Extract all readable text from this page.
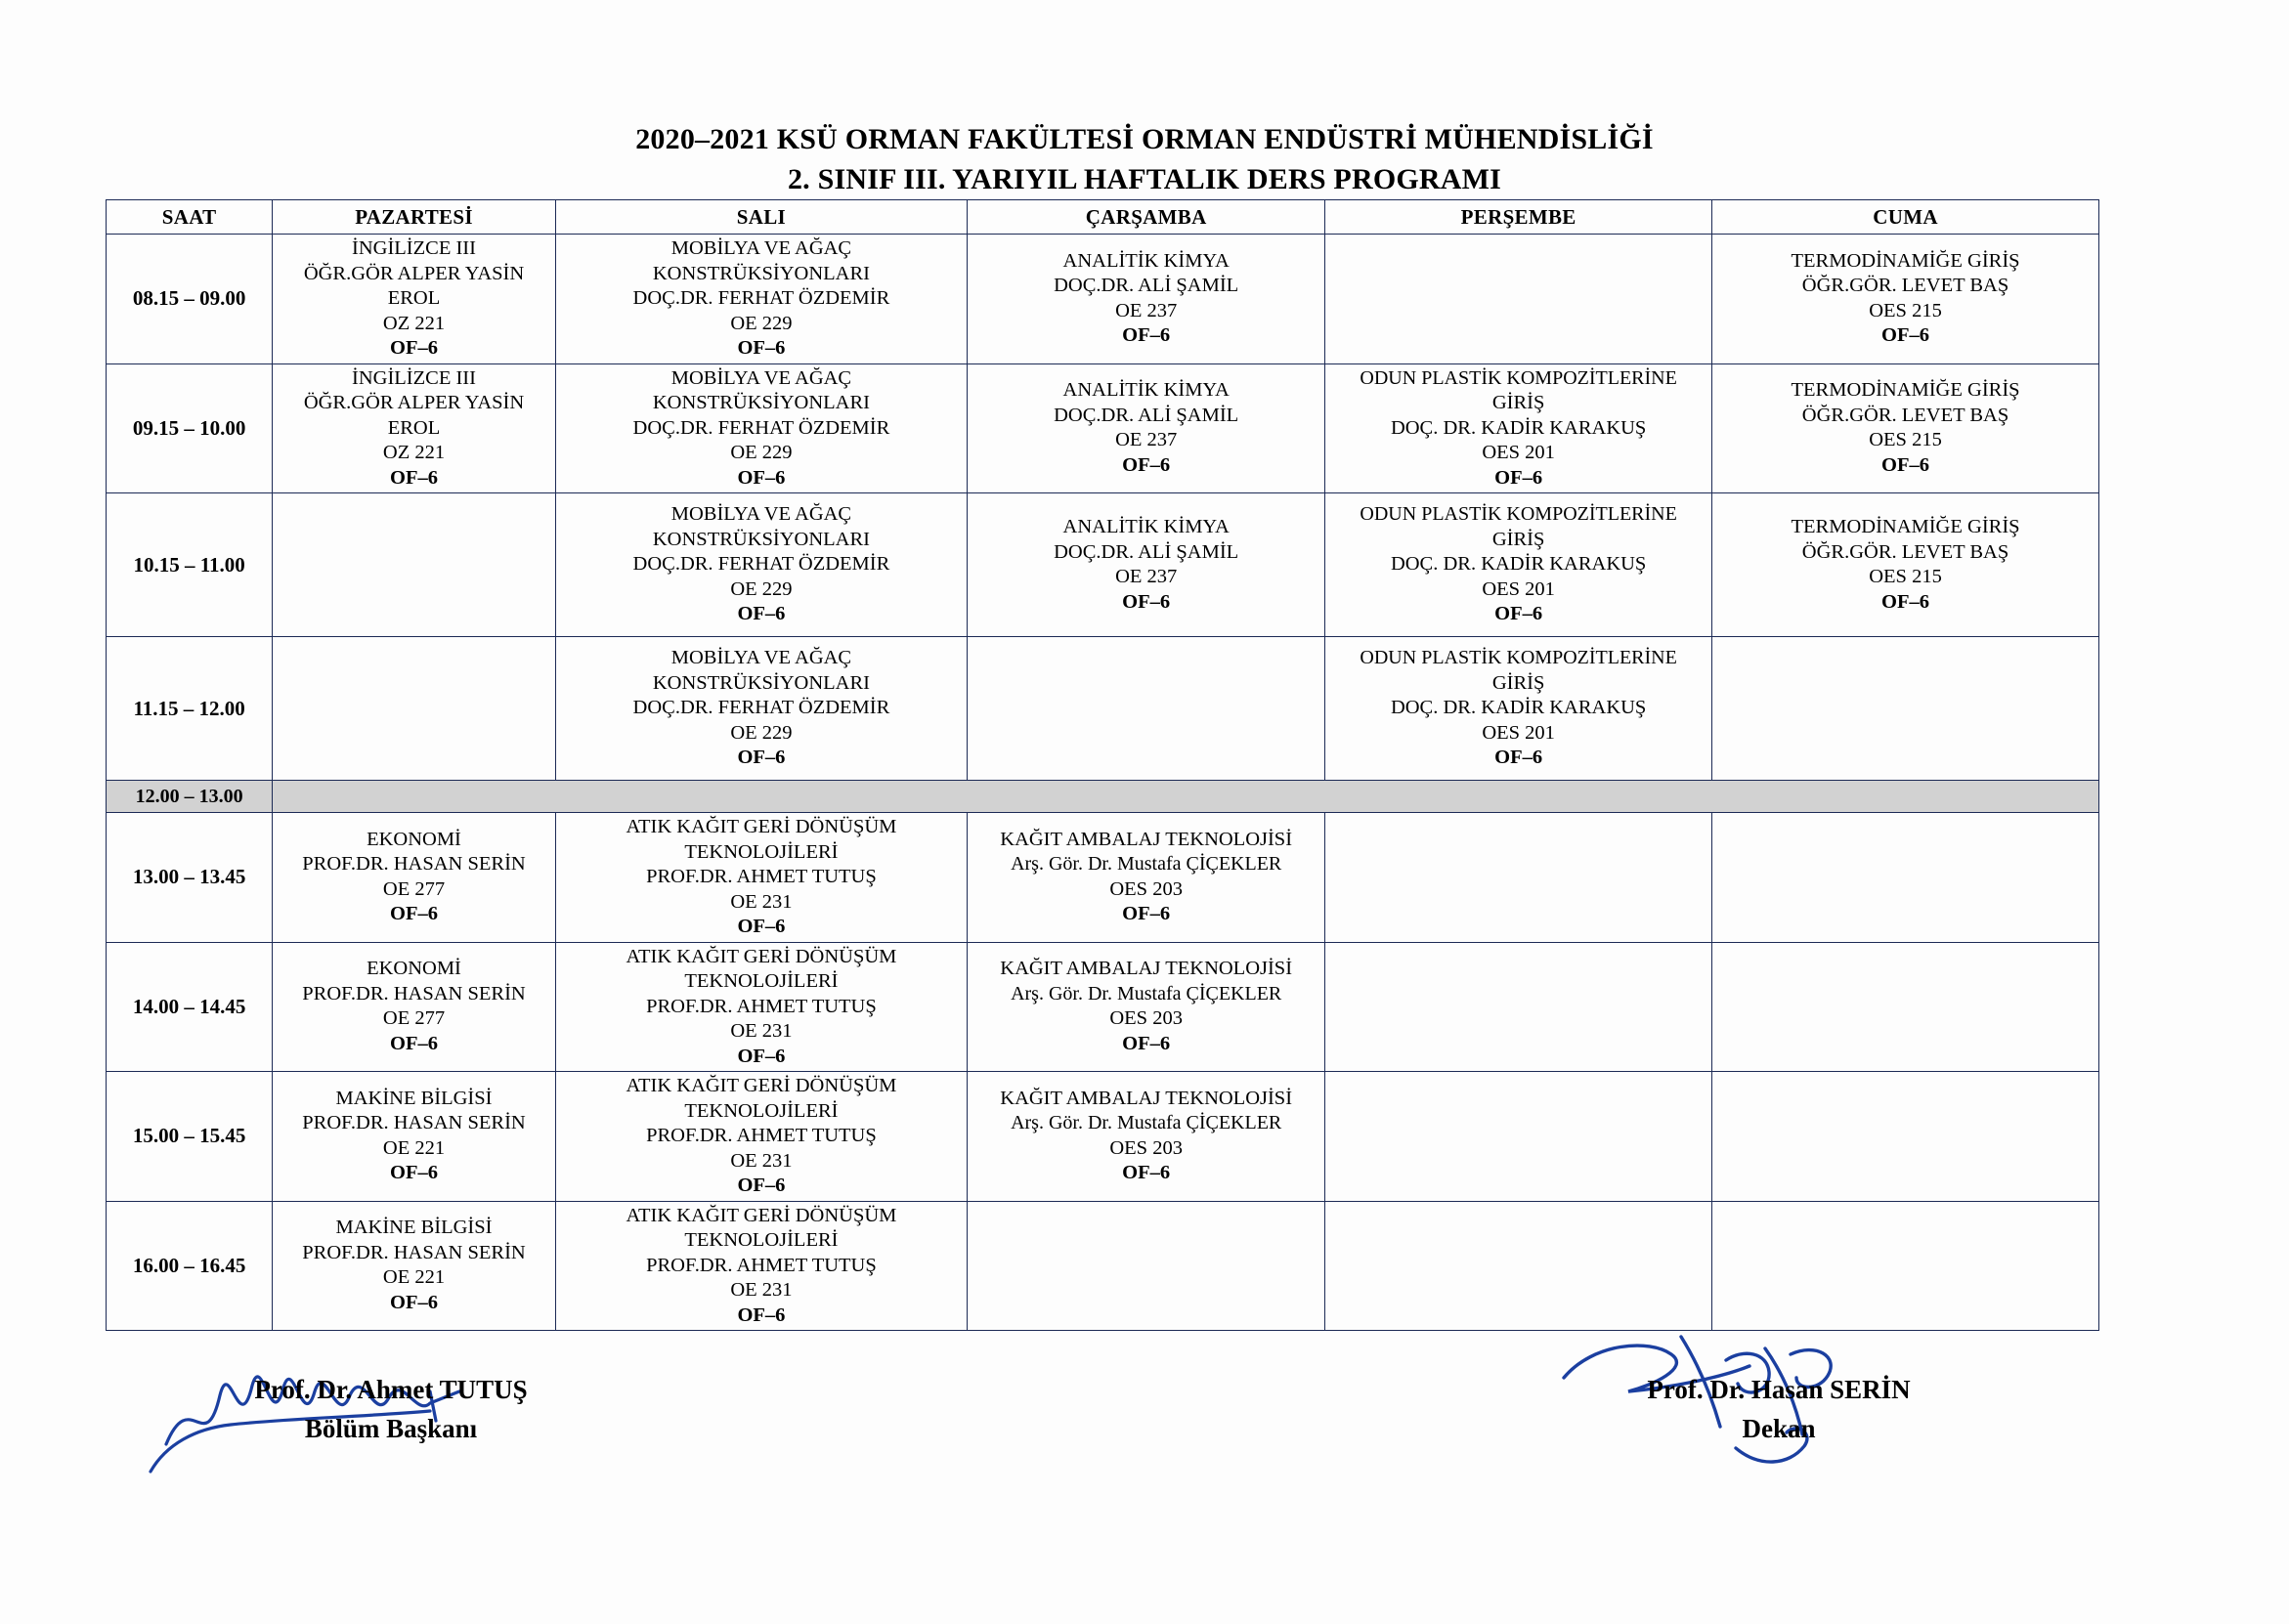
2020–2021 KSÜ ORMAN FAKÜLTESİ ORMAN ENDÜSTRİ MÜHENDİSLİĞİ
2. SINIF III. YARIYIL HAFTALIK DERS PROGRAMI
SAAT	PAZARTESİ	SALI	ÇARŞAMBA	PERŞEMBE	CUMA
08.15 – 09.00	İNGİLİZCE III
ÖĞR.GÖR ALPER YASİN
EROL
OZ 221
OF–6	MOBİLYA VE AĞAÇ
KONSTRÜKSİYONLARI
DOÇ.DR. FERHAT ÖZDEMİR
OE 229
OF–6	ANALİTİK KİMYA
DOÇ.DR. ALİ ŞAMİL
OE 237
OF–6		TERMODİNAMİĞE GİRİŞ
ÖĞR.GÖR. LEVET BAŞ
OES 215
OF–6

09.15 – 10.00	İNGİLİZCE III
ÖĞR.GÖR ALPER YASİN
EROL
OZ 221
OF–6	MOBİLYA VE AĞAÇ
KONSTRÜKSİYONLARI
DOÇ.DR. FERHAT ÖZDEMİR
OE 229
OF–6	ANALİTİK KİMYA
DOÇ.DR. ALİ ŞAMİL
OE 237
OF–6	ODUN PLASTİK KOMPOZİTLERİNE
GİRİŞ
DOÇ. DR. KADİR KARAKUŞ
OES 201
OF–6	TERMODİNAMİĞE GİRİŞ
ÖĞR.GÖR. LEVET BAŞ
OES 215
OF–6

10.15 – 11.00		MOBİLYA VE AĞAÇ
KONSTRÜKSİYONLARI
DOÇ.DR. FERHAT ÖZDEMİR
OE 229
OF–6	ANALİTİK KİMYA
DOÇ.DR. ALİ ŞAMİL
OE 237
OF–6	ODUN PLASTİK KOMPOZİTLERİNE
GİRİŞ
DOÇ. DR. KADİR KARAKUŞ
OES 201
OF–6	TERMODİNAMİĞE GİRİŞ
ÖĞR.GÖR. LEVET BAŞ
OES 215
OF–6

11.15 – 12.00		MOBİLYA VE AĞAÇ
KONSTRÜKSİYONLARI
DOÇ.DR. FERHAT ÖZDEMİR
OE 229
OF–6		ODUN PLASTİK KOMPOZİTLERİNE
GİRİŞ
DOÇ. DR. KADİR KARAKUŞ
OES 201
OF–6	

12.00 – 13.00					
13.00 – 13.45	EKONOMİ
PROF.DR. HASAN SERİN
OE 277
OF–6	ATIK KAĞIT GERİ DÖNÜŞÜM
TEKNOLOJİLERİ
PROF.DR. AHMET TUTUŞ
OE 231
OF–6	KAĞIT AMBALAJ TEKNOLOJİSİ
Arş. Gör. Dr. Mustafa ÇİÇEKLER
OES 203
OF–6		

14.00 – 14.45	EKONOMİ
PROF.DR. HASAN SERİN
OE 277
OF–6	ATIK KAĞIT GERİ DÖNÜŞÜM
TEKNOLOJİLERİ
PROF.DR. AHMET TUTUŞ
OE 231
OF–6	KAĞIT AMBALAJ TEKNOLOJİSİ
Arş. Gör. Dr. Mustafa ÇİÇEKLER
OES 203
OF–6		

15.00 – 15.45	MAKİNE BİLGİSİ
PROF.DR. HASAN SERİN
OE 221
OF–6	ATIK KAĞIT GERİ DÖNÜŞÜM
TEKNOLOJİLERİ
PROF.DR. AHMET TUTUŞ
OE 231
OF–6	KAĞIT AMBALAJ TEKNOLOJİSİ
Arş. Gör. Dr. Mustafa ÇİÇEKLER
OES 203
OF–6		

16.00 – 16.45	MAKİNE BİLGİSİ
PROF.DR. HASAN SERİN
OE 221
OF–6	ATIK KAĞIT GERİ DÖNÜŞÜM
TEKNOLOJİLERİ
PROF.DR. AHMET TUTUŞ
OE 231
OF–6			

Prof. Dr. Ahmet TUTUŞ
Bölüm Başkanı
Prof. Dr. Hasan SERİN
Dekan
